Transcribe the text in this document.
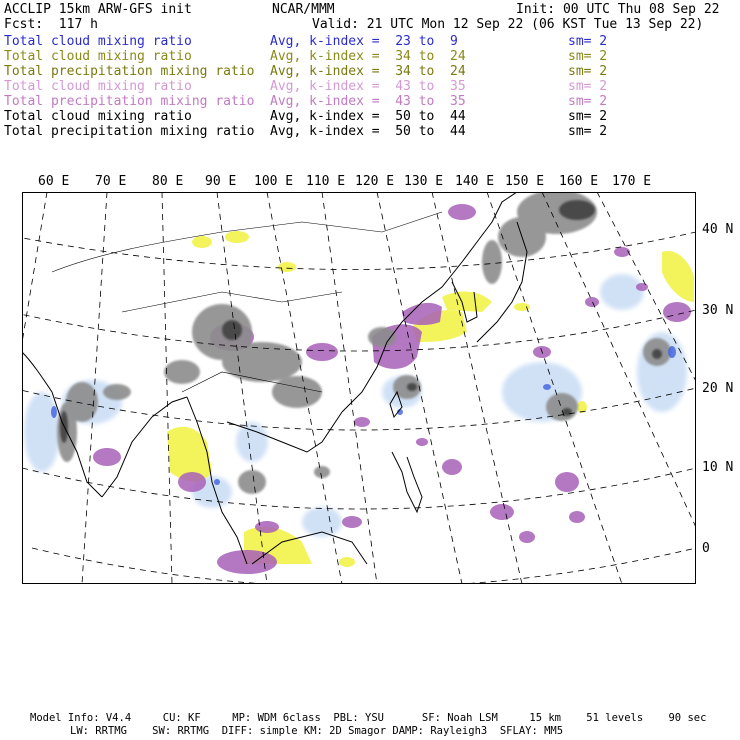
ACCLIP 15km ARW-GFS init	NCAR/MMM	Init: 00 UTC Thu 08 Sep 22
Fcst:  117 h	Valid: 21 UTC Mon 12 Sep 22 (06 KST Tue 13 Sep 22)
Total cloud mixing ratio	Avg, k-index =  23 to  9	sm= 2
Total cloud mixing ratio	Avg, k-index =  34 to  24	sm= 2
Total precipitation mixing ratio Avg, k-index =  34 to  24	sm= 2
Total cloud mixing ratio	Avg, k-index =  43 to  35	sm= 2
Total precipitation mixing ratio Avg, k-index =  43 to  35	sm= 2
Total cloud mixing ratio	Avg, k-index =  50 to  44	sm= 2
Total precipitation mixing ratio Avg, k-index =  50 to  44	sm= 2
60 E 70 E 80 E 90 E 100 E 110 E 120 E 130 E 140 E 150 E 160 E 170 E
40 N
30 N
20 N
10 N
0
Model Info: V4.4     CU: KF     MP: WDM 6class  PBL: YSU      SF: Noah LSM     15 km    51 levels    90 sec
LW: RRTMG    SW: RRTMG  DIFF: simple KM: 2D Smagor DAMP: Rayleigh3  SFLAY: MM5
